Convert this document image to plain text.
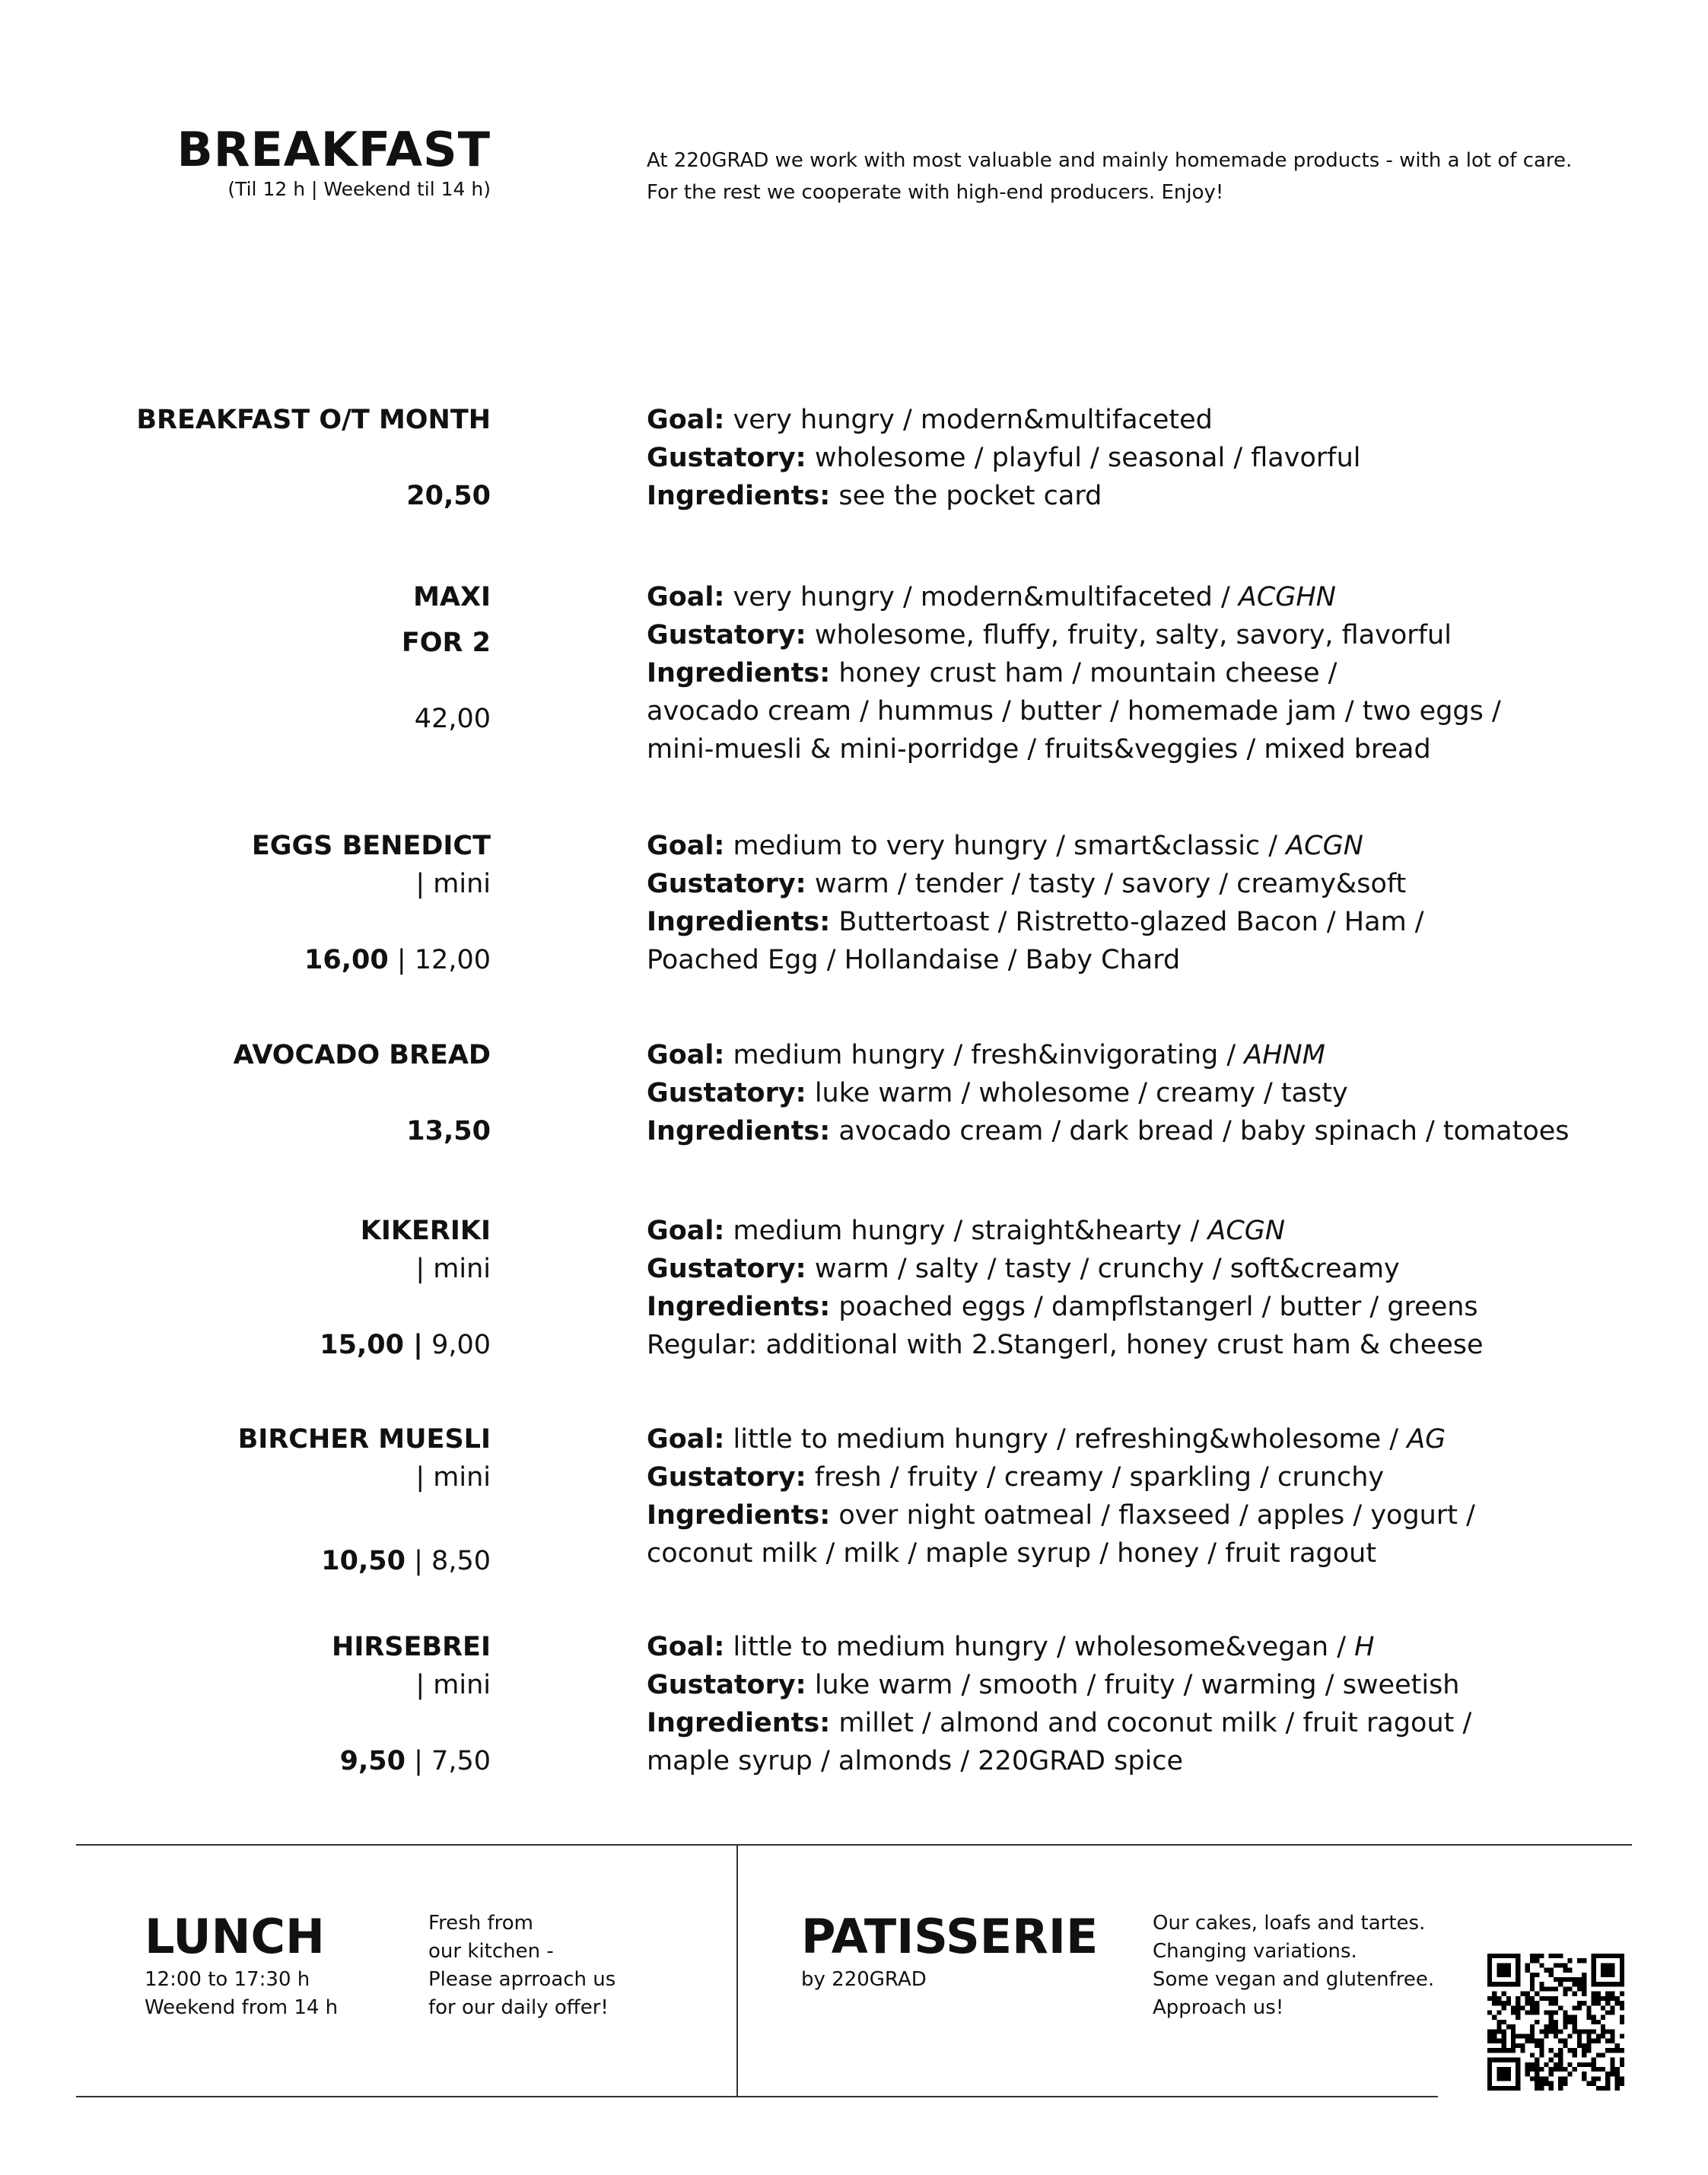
BREAKFAST
(Til 12 h | Weekend til 14 h)
At 220GRAD we work with most valuable and mainly homemade products - with a lot of care.
For the rest we cooperate with high-end producers. Enjoy!
BREAKFAST O/T MONTH
20,50
Goal: very hungry / modern&multifaceted
Gustatory: wholesome / playful / seasonal / flavorful
Ingredients: see the pocket card
MAXI
FOR 2
42,00
Goal: very hungry / modern&multifaceted / ACGHN
Gustatory: wholesome, fluffy, fruity, salty, savory, flavorful
Ingredients: honey crust ham / mountain cheese /
avocado cream / hummus / butter / homemade jam / two eggs /
mini-muesli & mini-porridge / fruits&veggies / mixed bread
EGGS BENEDICT
| mini
16,00 | 12,00
Goal: medium to very hungry / smart&classic / ACGN
Gustatory: warm / tender / tasty / savory / creamy&soft
Ingredients: Buttertoast / Ristretto-glazed Bacon / Ham /
Poached Egg / Hollandaise / Baby Chard
AVOCADO BREAD
13,50
Goal: medium hungry / fresh&invigorating / AHNM
Gustatory: luke warm / wholesome / creamy / tasty
Ingredients: avocado cream / dark bread / baby spinach / tomatoes
KIKERIKI
| mini
15,00 | 9,00
Goal: medium hungry / straight&hearty / ACGN
Gustatory: warm / salty / tasty / crunchy / soft&creamy
Ingredients: poached eggs / dampflstangerl / butter / greens
Regular: additional with 2.Stangerl, honey crust ham & cheese
BIRCHER MUESLI
| mini
10,50 | 8,50
Goal: little to medium hungry / refreshing&wholesome / AG
Gustatory: fresh / fruity / creamy / sparkling / crunchy
Ingredients: over night oatmeal / flaxseed / apples / yogurt /
coconut milk / milk / maple syrup / honey / fruit ragout
HIRSEBREI
| mini
9,50 | 7,50
Goal: little to medium hungry / wholesome&vegan / H
Gustatory: luke warm / smooth / fruity / warming / sweetish
Ingredients: millet / almond and coconut milk / fruit ragout /
maple syrup / almonds / 220GRAD spice
LUNCH
12:00 to 17:30 h
Weekend from 14 h
Fresh from
our kitchen -
Please aprroach us
for our daily offer!
PATISSERIE
by 220GRAD
Our cakes, loafs and tartes.
Changing variations.
Some vegan and glutenfree.
Approach us!
